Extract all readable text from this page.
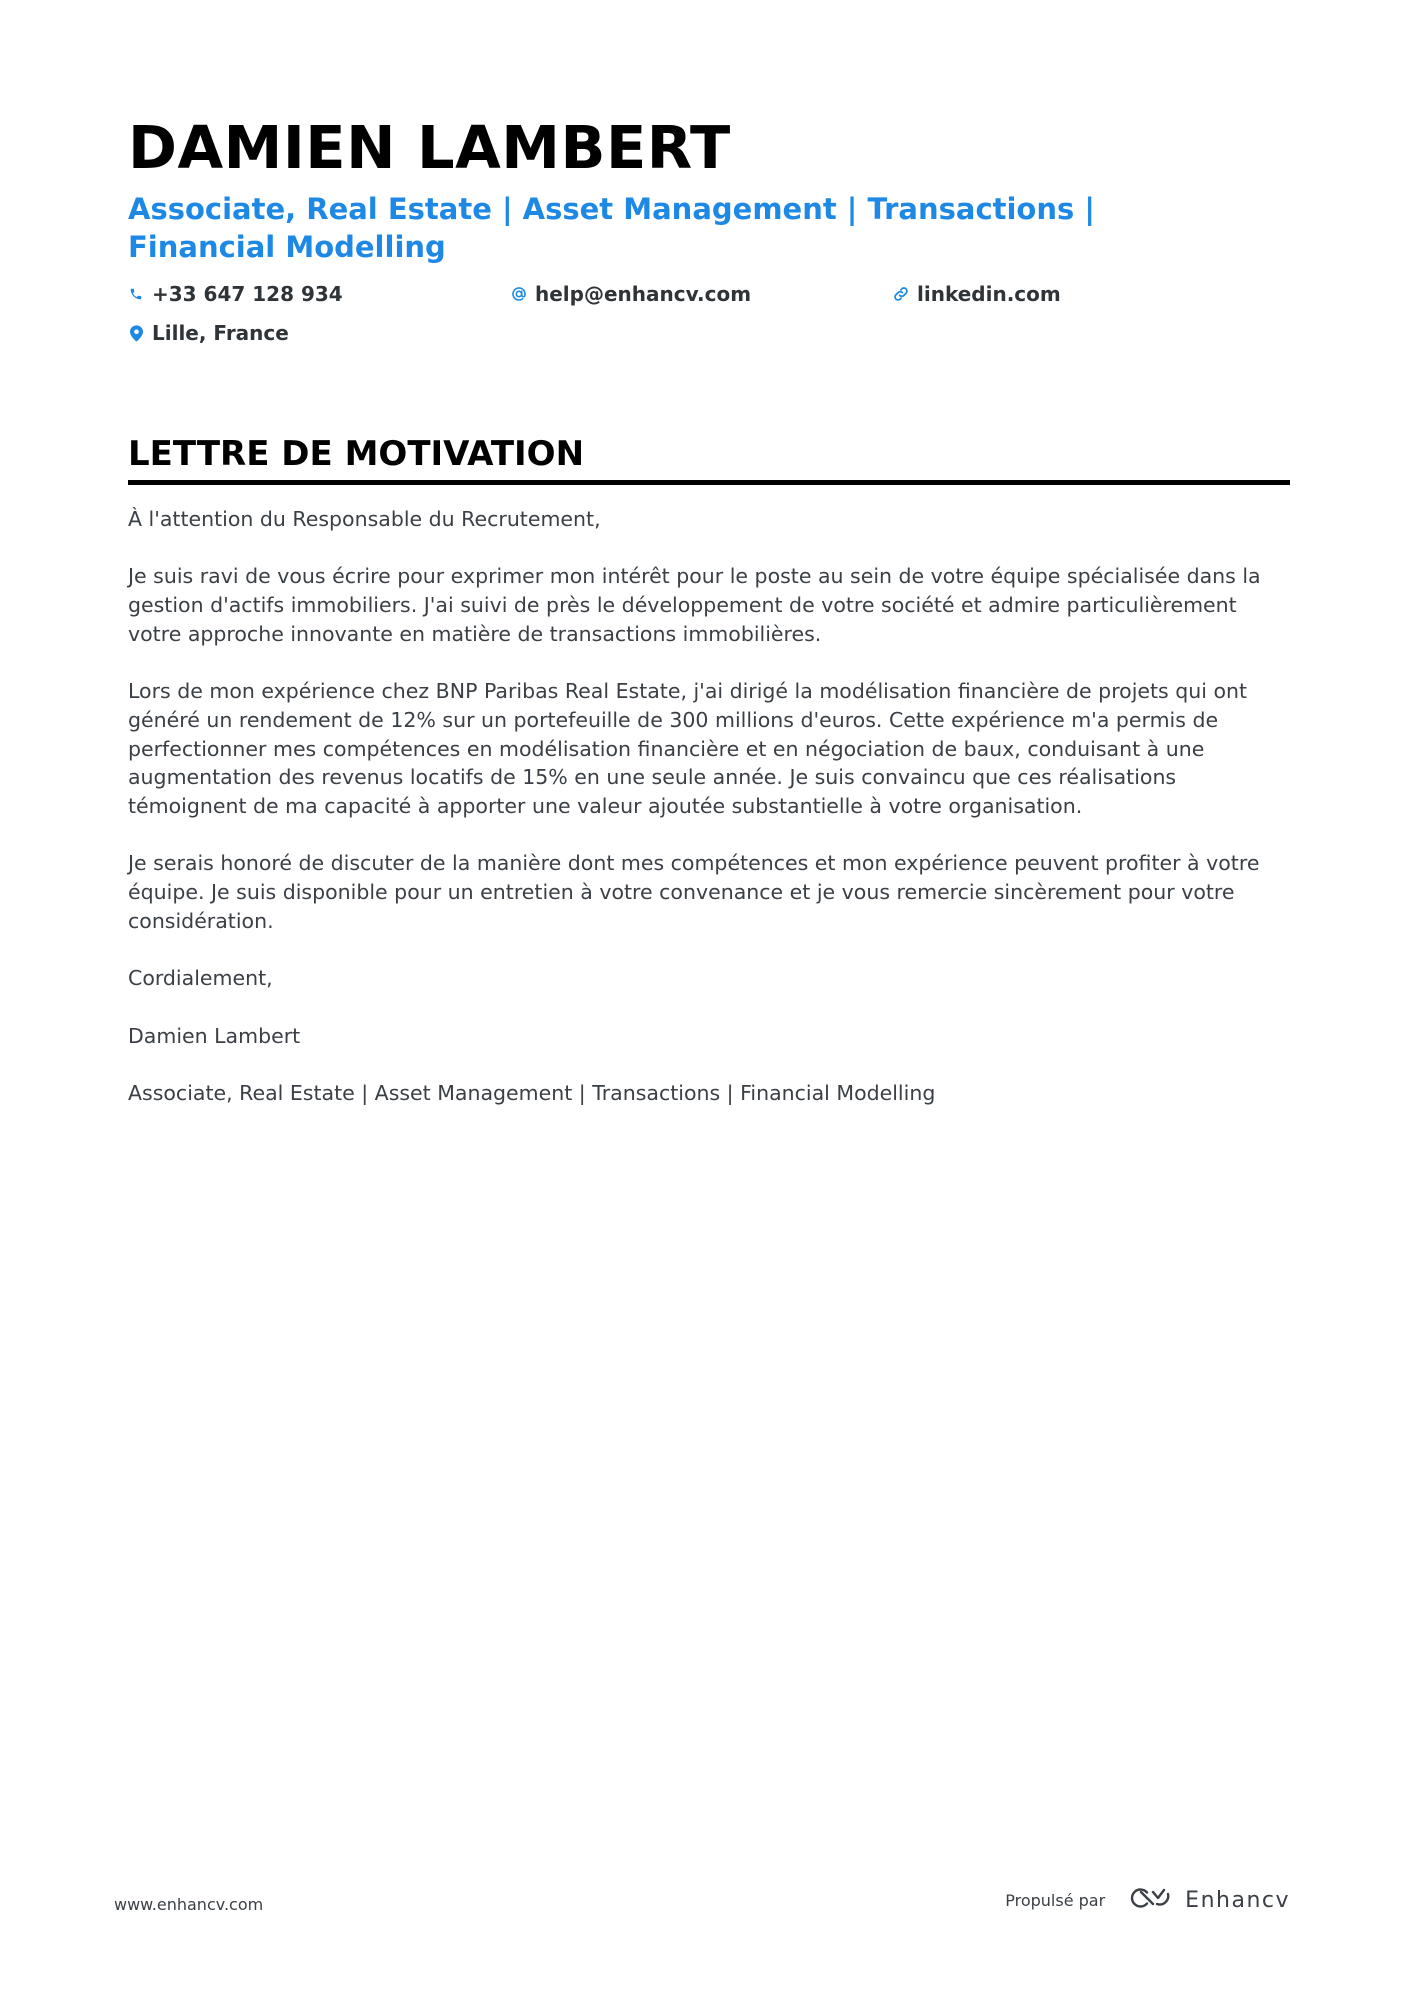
DAMIEN LAMBERT
Associate, Real Estate | Asset Management | Transactions | Financial Modelling
+33 647 128 934	help@enhancv.com	linkedin.com
Lille, France
LETTRE DE MOTIVATION

À l'attention du Responsable du Recrutement,

Je suis ravi de vous écrire pour exprimer mon intérêt pour le poste au sein de votre équipe spécialisée dans la gestion d'actifs immobiliers. J'ai suivi de près le développement de votre société et admire particulièrement votre approche innovante en matière de transactions immobilières.

Lors de mon expérience chez BNP Paribas Real Estate, j'ai dirigé la modélisation financière de projets qui ont généré un rendement de 12% sur un portefeuille de 300 millions d'euros. Cette expérience m'a permis de perfectionner mes compétences en modélisation financière et en négociation de baux, conduisant à une augmentation des revenus locatifs de 15% en une seule année. Je suis convaincu que ces réalisations témoignent de ma capacité à apporter une valeur ajoutée substantielle à votre organisation.

Je serais honoré de discuter de la manière dont mes compétences et mon expérience peuvent profiter à votre équipe. Je suis disponible pour un entretien à votre convenance et je vous remercie sincèrement pour votre considération.

Cordialement,

Damien Lambert

Associate, Real Estate | Asset Management | Transactions | Financial Modelling

www.enhancv.com	Propulsé par	Enhancv
